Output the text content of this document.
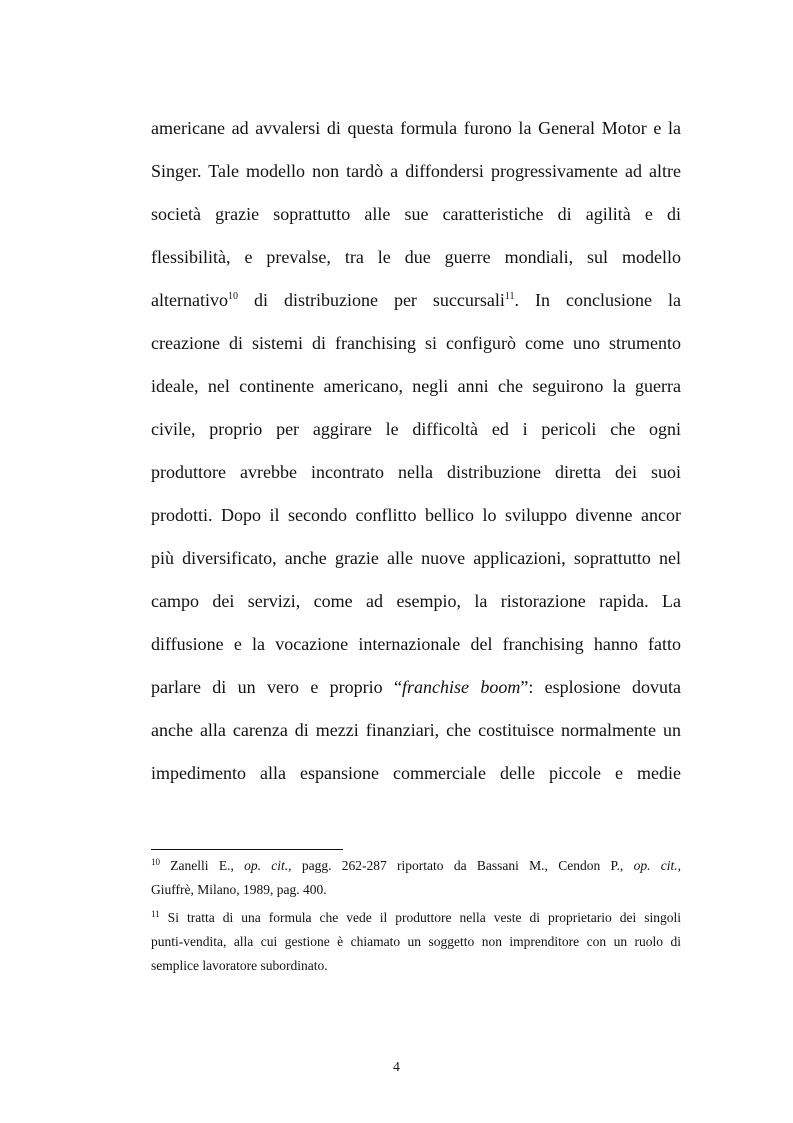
americane ad avvalersi di questa formula furono la General Motor e la
Singer. Tale modello non tardò a diffondersi progressivamente ad altre
società grazie soprattutto alle sue caratteristiche di agilità e di
flessibilità, e prevalse, tra le due guerre mondiali, sul modello
alternativo$^{10}$ di distribuzione per succursali$^{11}$. In conclusione la
creazione di sistemi di franchising si configurò come uno strumento
ideale, nel continente americano, negli anni che seguirono la guerra
civile, proprio per aggirare le difficoltà ed i pericoli che ogni
produttore avrebbe incontrato nella distribuzione diretta dei suoi
prodotti. Dopo il secondo conflitto bellico lo sviluppo divenne ancor
più diversificato, anche grazie alle nuove applicazioni, soprattutto nel
campo dei servizi, come ad esempio, la ristorazione rapida. La
diffusione e la vocazione internazionale del franchising hanno fatto
parlare di un vero e proprio “franchise boom”: esplosione dovuta
anche alla carenza di mezzi finanziari, che costituisce normalmente un
impedimento alla espansione commerciale delle piccole e medie
$^{10}$ Zanelli E., op. cit., pagg. 262-287 riportato da Bassani M., Cendon P., op. cit.,
Giuffrè, Milano, 1989, pag. 400.
$^{11}$ Si tratta di una formula che vede il produttore nella veste di proprietario dei singoli
punti-vendita, alla cui gestione è chiamato un soggetto non imprenditore con un ruolo di
semplice lavoratore subordinato.
4
